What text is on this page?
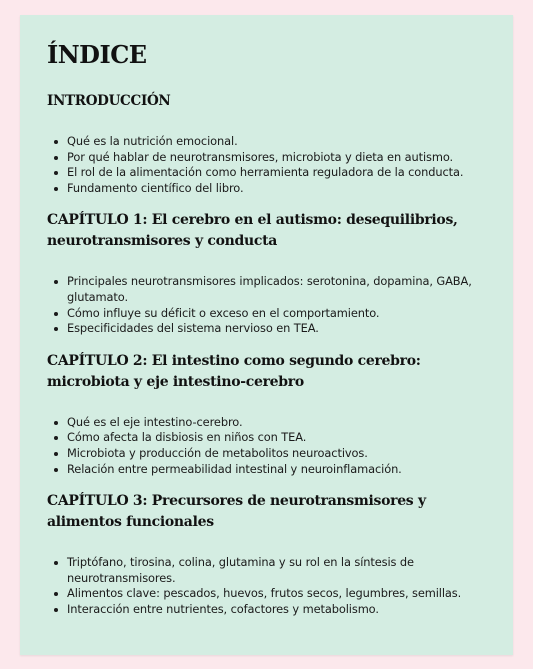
ÍNDICE
INTRODUCCIÓN
Qué es la nutrición emocional.
Por qué hablar de neurotransmisores, microbiota y dieta en autismo.
El rol de la alimentación como herramienta reguladora de la conducta.
Fundamento científico del libro.
CAPÍTULO 1: El cerebro en el autismo: desequilibrios, neurotransmisores y conducta
Principales neurotransmisores implicados: serotonina, dopamina, GABA, glutamato.
Cómo influye su déficit o exceso en el comportamiento.
Especificidades del sistema nervioso en TEA.
CAPÍTULO 2: El intestino como segundo cerebro: microbiota y eje intestino-cerebro
Qué es el eje intestino-cerebro.
Cómo afecta la disbiosis en niños con TEA.
Microbiota y producción de metabolitos neuroactivos.
Relación entre permeabilidad intestinal y neuroinflamación.
CAPÍTULO 3: Precursores de neurotransmisores y alimentos funcionales
Triptófano, tirosina, colina, glutamina y su rol en la síntesis de neurotransmisores.
Alimentos clave: pescados, huevos, frutos secos, legumbres, semillas.
Interacción entre nutrientes, cofactores y metabolismo.
